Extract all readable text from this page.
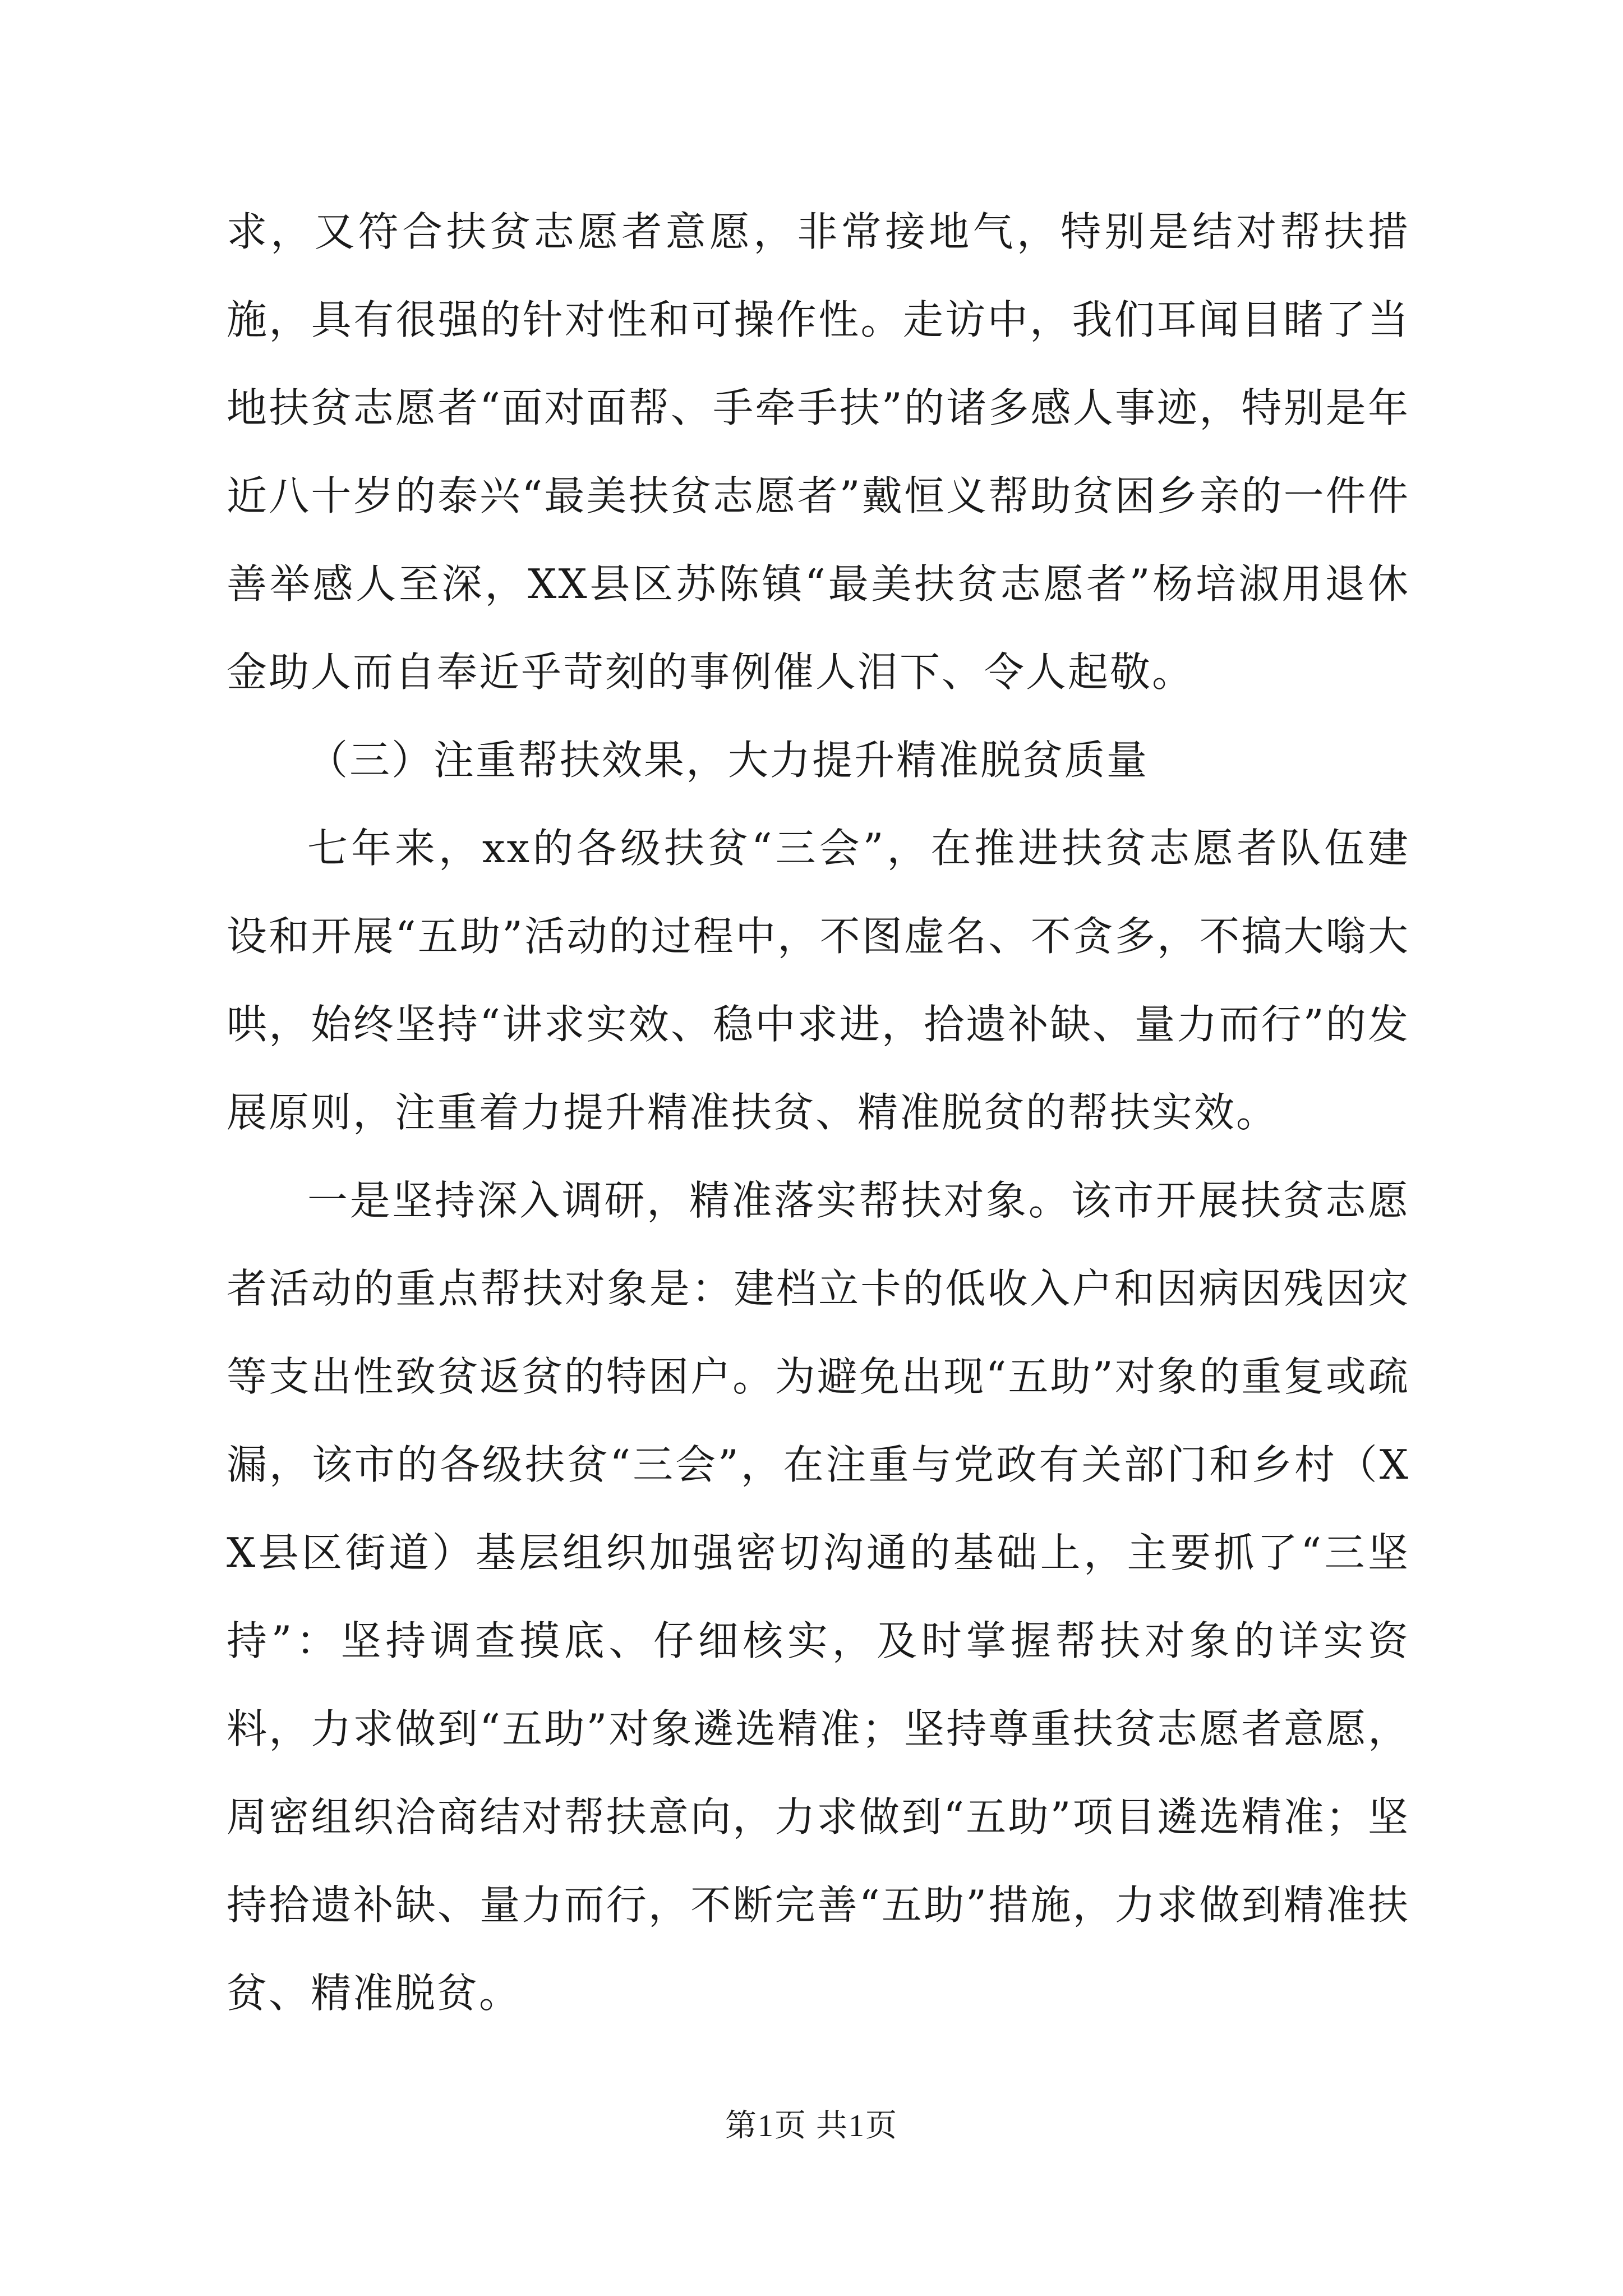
求，又符合扶贫志愿者意愿，非常接地气，特别是结对帮扶措施，具有很强的针对性和可操作性。走访中，我们耳闻目睹了当地扶贫志愿者“面对面帮、手牵手扶”的诸多感人事迹，特别是年近八十岁的泰兴“最美扶贫志愿者”戴恒义帮助贫困乡亲的一件件善举感人至深，XX县区苏陈镇“最美扶贫志愿者”杨培淑用退休金助人而自奉近乎苛刻的事例催人泪下、令人起敬。

（三）注重帮扶效果，大力提升精准脱贫质量

七年来，xx的各级扶贫“三会”，在推进扶贫志愿者队伍建设和开展“五助”活动的过程中，不图虚名、不贪多，不搞大嗡大哄，始终坚持“讲求实效、稳中求进，拾遗补缺、量力而行”的发展原则，注重着力提升精准扶贫、精准脱贫的帮扶实效。

一是坚持深入调研，精准落实帮扶对象。该市开展扶贫志愿者活动的重点帮扶对象是：建档立卡的低收入户和因病因残因灾等支出性致贫返贫的特困户。为避免出现“五助”对象的重复或疏漏，该市的各级扶贫“三会”，在注重与党政有关部门和乡村（XX县区街道）基层组织加强密切沟通的基础上，主要抓了“三坚持”：坚持调查摸底、仔细核实，及时掌握帮扶对象的详实资料，力求做到“五助”对象遴选精准；坚持尊重扶贫志愿者意愿，周密组织洽商结对帮扶意向，力求做到“五助”项目遴选精准；坚持拾遗补缺、量力而行，不断完善“五助”措施，力求做到精准扶贫、精准脱贫。

第1页 共1页
